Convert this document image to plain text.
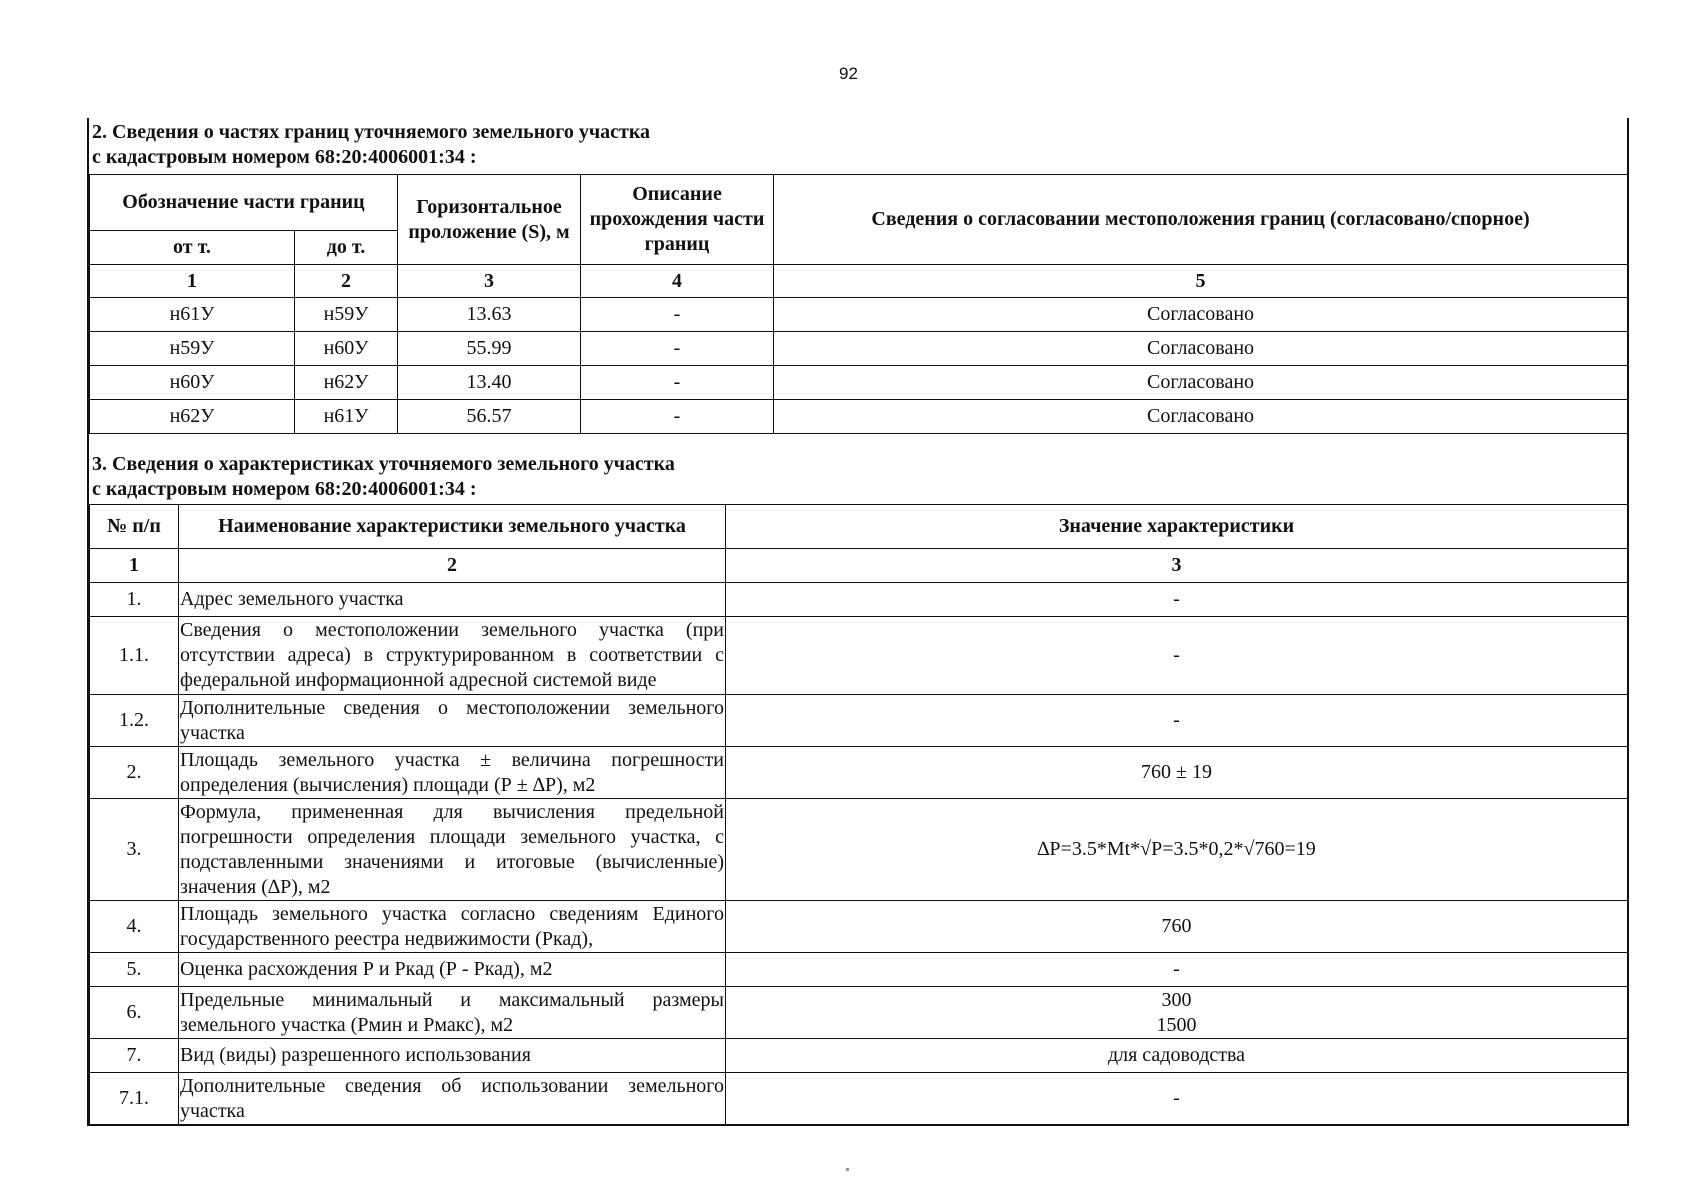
92
2. Сведения о частях границ уточняемого земельного участка
с кадастровым номером 68:20:4006001:34 :
Обозначение части границ		Горизонтальное проложение (S), м	Описание прохождения части границ	Сведения о согласовании местоположения границ (согласовано/спорное)
от т.	до т.			
1	2	3	4	5
н61У	н59У	13.63	-	Согласовано
н59У	н60У	55.99	-	Согласовано
н60У	н62У	13.40	-	Согласовано
н62У	н61У	56.57	-	Согласовано
3. Сведения о характеристиках уточняемого земельного участка
с кадастровым номером 68:20:4006001:34 :
№ п/п	Наименование характеристики земельного участка	Значение характеристики
1	2	3
1.	Адрес земельного участка	-
1.1.	Сведения о местоположении земельного участка (при отсутствии адреса) в структурированном в соответствии с федеральной информационной адресной системой виде	-
1.2.	Дополнительные сведения о местоположении земельного участка	-
2.	Площадь земельного участка ± величина погрешности определения (вычисления) площади (Р ± ∆Р), м2	760 ± 19
3.	Формула, примененная для вычисления предельной погрешности определения площади земельного участка, с подставленными значениями и итоговые (вычисленные) значения (∆Р), м2	∆Р=3.5*Mt*√Р=3.5*0,2*√760=19
4.	Площадь земельного участка согласно сведениям Единого государственного реестра недвижимости (Ркад),	760
5.	Оценка расхождения Р и Ркад (Р - Ркад), м2	-
6.	Предельные минимальный и максимальный размеры земельного участка (Рмин и Рмакс), м2	300
1500
7.	Вид (виды) разрешенного использования	для садоводства
7.1.	Дополнительные сведения об использовании земельного участка	-
